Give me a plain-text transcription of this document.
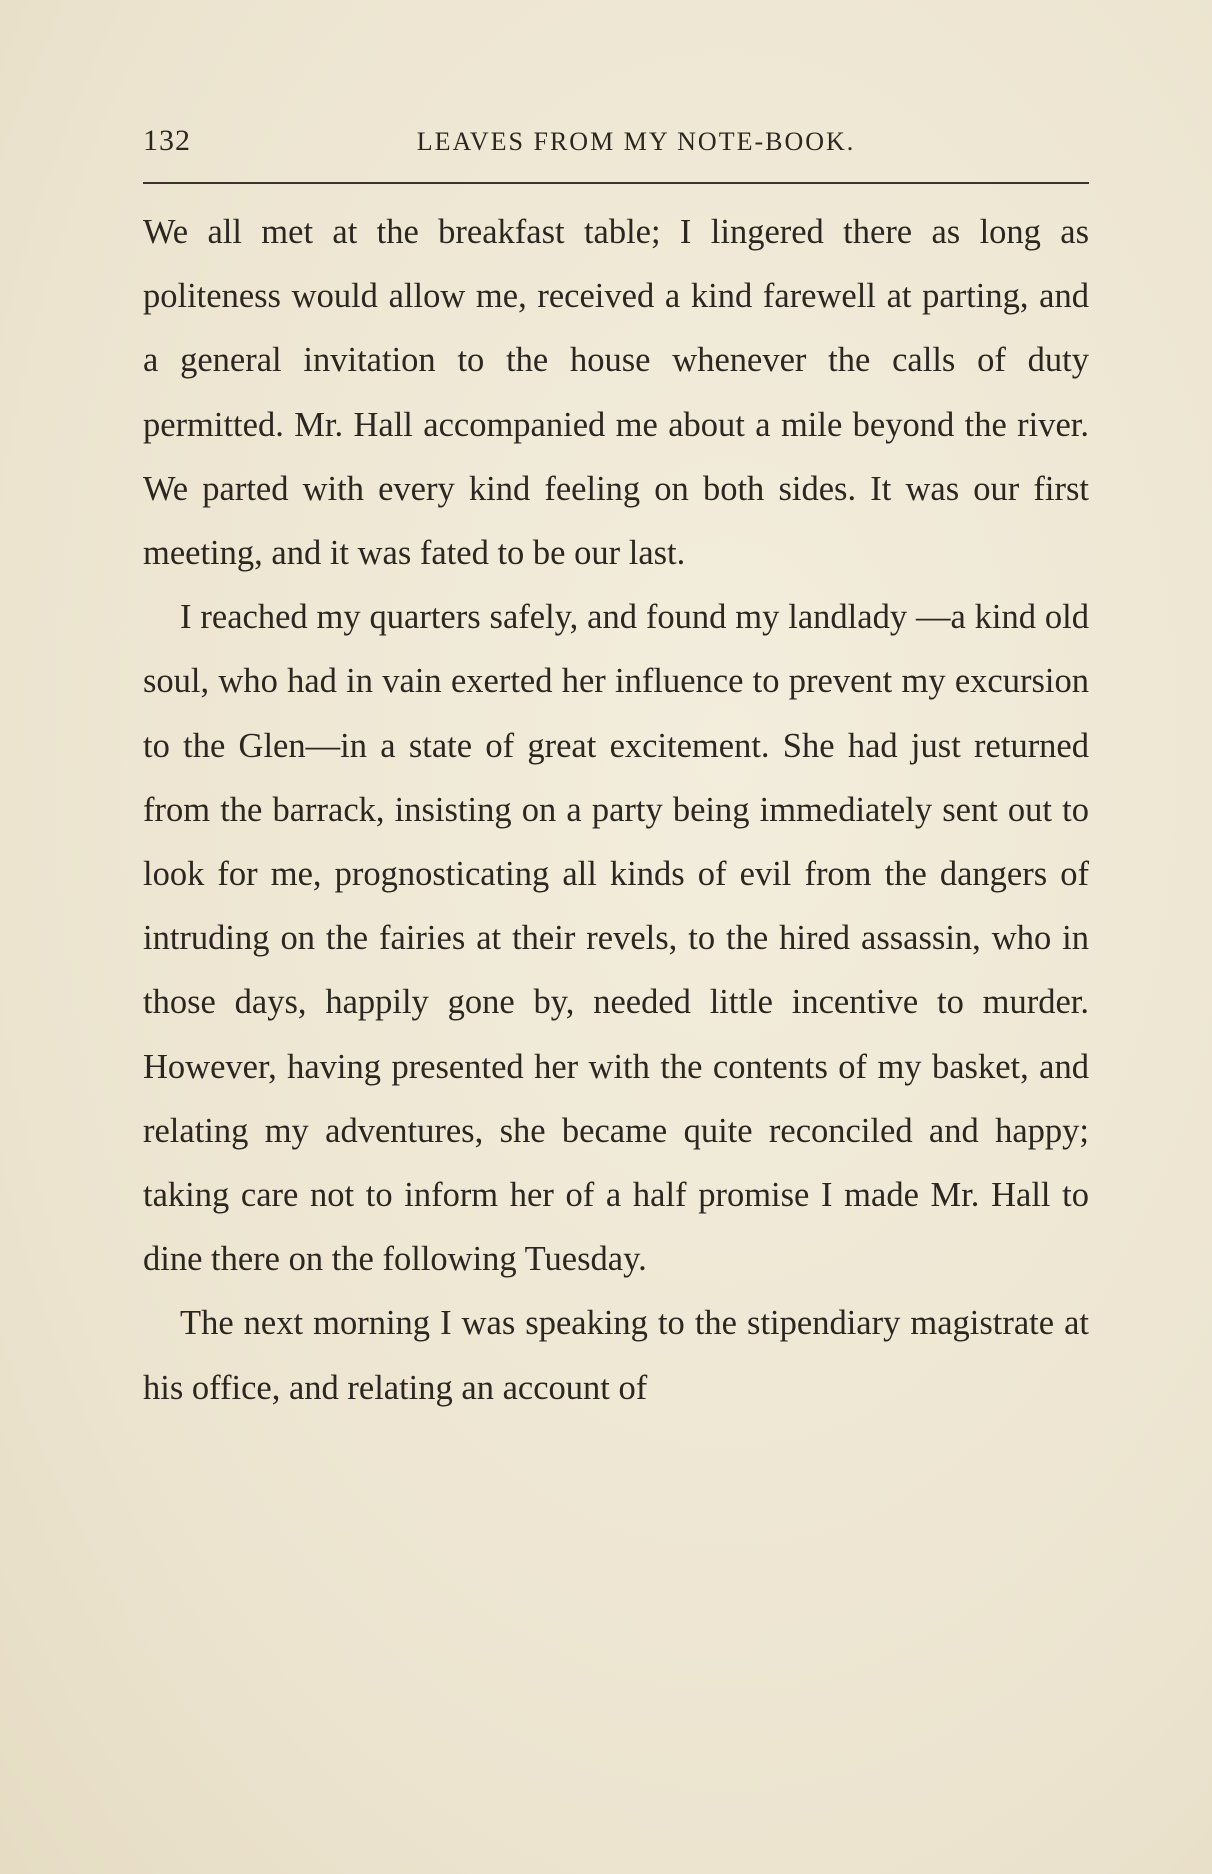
132	LEAVES FROM MY NOTE-BOOK.

We all met at the breakfast table; I lingered there as long as politeness would allow me, received a kind farewell at parting, and a general invitation to the house whenever the calls of duty permitted. Mr. Hall accompanied me about a mile beyond the river. We parted with every kind feeling on both sides. It was our first meeting, and it was fated to be our last.

I reached my quarters safely, and found my landlady —a kind old soul, who had in vain exerted her influence to prevent my excursion to the Glen—in a state of great excitement. She had just returned from the barrack, insisting on a party being immediately sent out to look for me, prognosticating all kinds of evil from the dangers of intruding on the fairies at their revels, to the hired assassin, who in those days, happily gone by, needed little incentive to murder. However, having presented her with the contents of my basket, and relating my adventures, she became quite reconciled and happy; taking care not to inform her of a half promise I made Mr. Hall to dine there on the following Tuesday.

The next morning I was speaking to the stipendiary magistrate at his office, and relating an account of
